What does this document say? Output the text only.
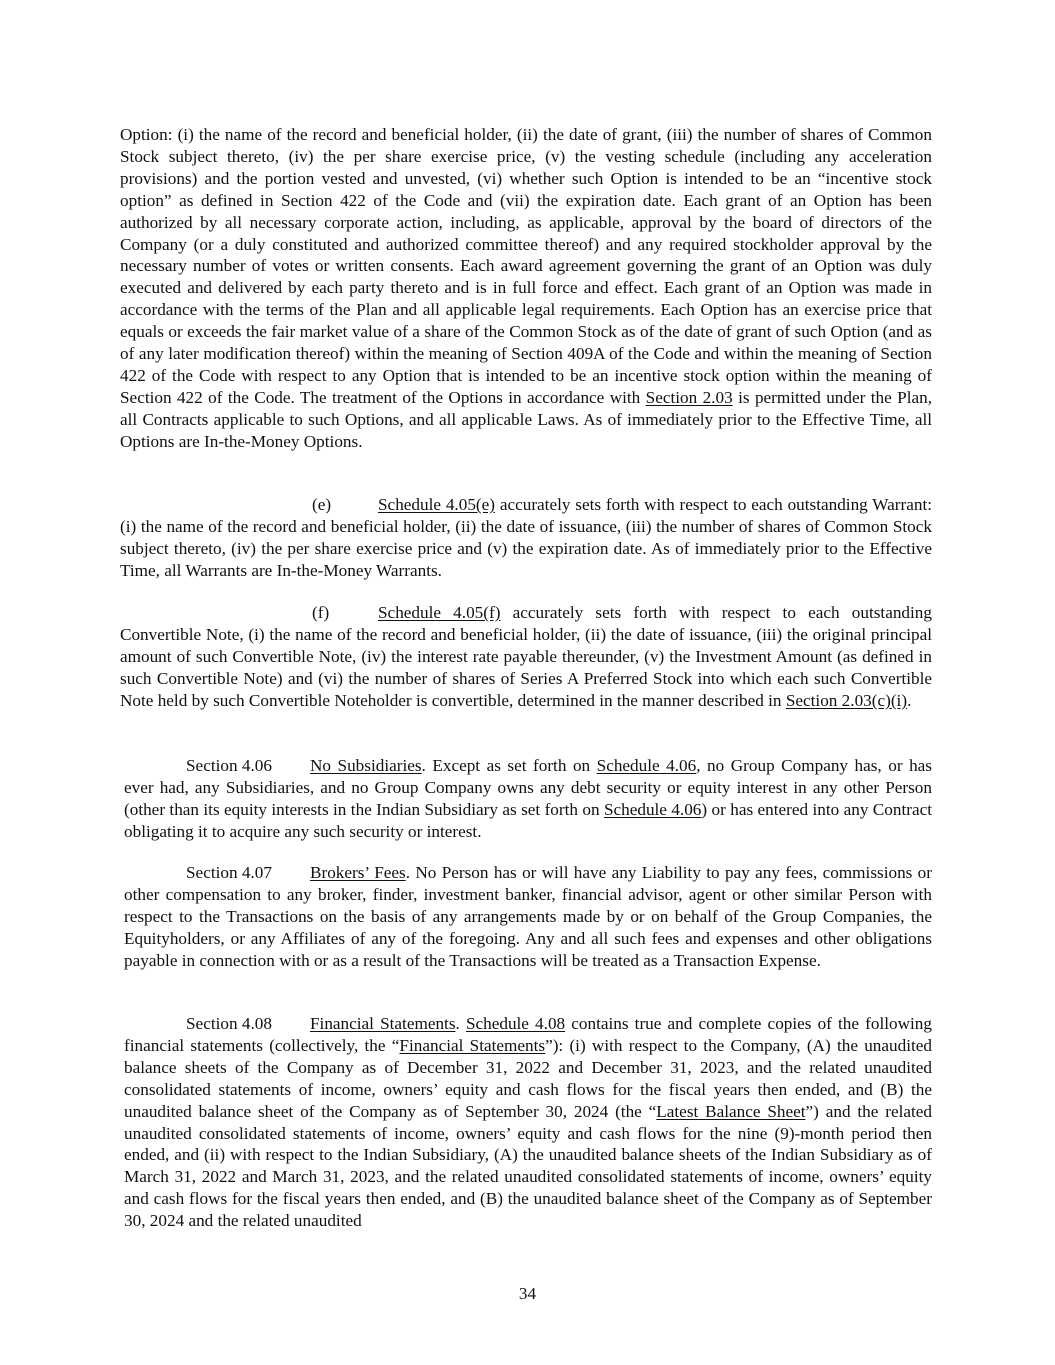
Option: (i) the name of the record and beneficial holder, (ii) the date of grant, (iii) the number of shares of Common Stock subject thereto, (iv) the per share exercise price, (v) the vesting schedule (including any acceleration provisions) and the portion vested and unvested, (vi) whether such Option is intended to be an “incentive stock option” as defined in Section 422 of the Code and (vii) the expiration date. Each grant of an Option has been authorized by all necessary corporate action, including, as applicable, approval by the board of directors of the Company (or a duly constituted and authorized committee thereof) and any required stockholder approval by the necessary number of votes or written consents. Each award agreement governing the grant of an Option was duly executed and delivered by each party thereto and is in full force and effect. Each grant of an Option was made in accordance with the terms of the Plan and all applicable legal requirements. Each Option has an exercise price that equals or exceeds the fair market value of a share of the Common Stock as of the date of grant of such Option (and as of any later modification thereof) within the meaning of Section 409A of the Code and within the meaning of Section 422 of the Code with respect to any Option that is intended to be an incentive stock option within the meaning of Section 422 of the Code. The treatment of the Options in accordance with Section 2.03 is permitted under the Plan, all Contracts applicable to such Options, and all applicable Laws. As of immediately prior to the Effective Time, all Options are In-the-Money Options.

(e)	Schedule 4.05(e) accurately sets forth with respect to each outstanding Warrant: (i) the name of the record and beneficial holder, (ii) the date of issuance, (iii) the number of shares of Common Stock subject thereto, (iv) the per share exercise price and (v) the expiration date. As of immediately prior to the Effective Time, all Warrants are In-the-Money Warrants.

(f)	Schedule 4.05(f) accurately sets forth with respect to each outstanding Convertible Note, (i) the name of the record and beneficial holder, (ii) the date of issuance, (iii) the original principal amount of such Convertible Note, (iv) the interest rate payable thereunder, (v) the Investment Amount (as defined in such Convertible Note) and (vi) the number of shares of Series A Preferred Stock into which each such Convertible Note held by such Convertible Noteholder is convertible, determined in the manner described in Section 2.03(c)(i).

Section 4.06 No Subsidiaries. Except as set forth on Schedule 4.06, no Group Company has, or has ever had, any Subsidiaries, and no Group Company owns any debt security or equity interest in any other Person (other than its equity interests in the Indian Subsidiary as set forth on Schedule 4.06) or has entered into any Contract obligating it to acquire any such security or interest.

Section 4.07 Brokers’ Fees. No Person has or will have any Liability to pay any fees, commissions or other compensation to any broker, finder, investment banker, financial advisor, agent or other similar Person with respect to the Transactions on the basis of any arrangements made by or on behalf of the Group Companies, the Equityholders, or any Affiliates of any of the foregoing. Any and all such fees and expenses and other obligations payable in connection with or as a result of the Transactions will be treated as a Transaction Expense.

Section 4.08 Financial Statements. Schedule 4.08 contains true and complete copies of the following financial statements (collectively, the “Financial Statements”): (i) with respect to the Company, (A) the unaudited balance sheets of the Company as of December 31, 2022 and December 31, 2023, and the related unaudited consolidated statements of income, owners’ equity and cash flows for the fiscal years then ended, and (B) the unaudited balance sheet of the Company as of September 30, 2024 (the “Latest Balance Sheet”) and the related unaudited consolidated statements of income, owners’ equity and cash flows for the nine (9)-month period then ended, and (ii) with respect to the Indian Subsidiary, (A) the unaudited balance sheets of the Indian Subsidiary as of March 31, 2022 and March 31, 2023, and the related unaudited consolidated statements of income, owners’ equity and cash flows for the fiscal years then ended, and (B) the unaudited balance sheet of the Company as of September 30, 2024 and the related unaudited

34
